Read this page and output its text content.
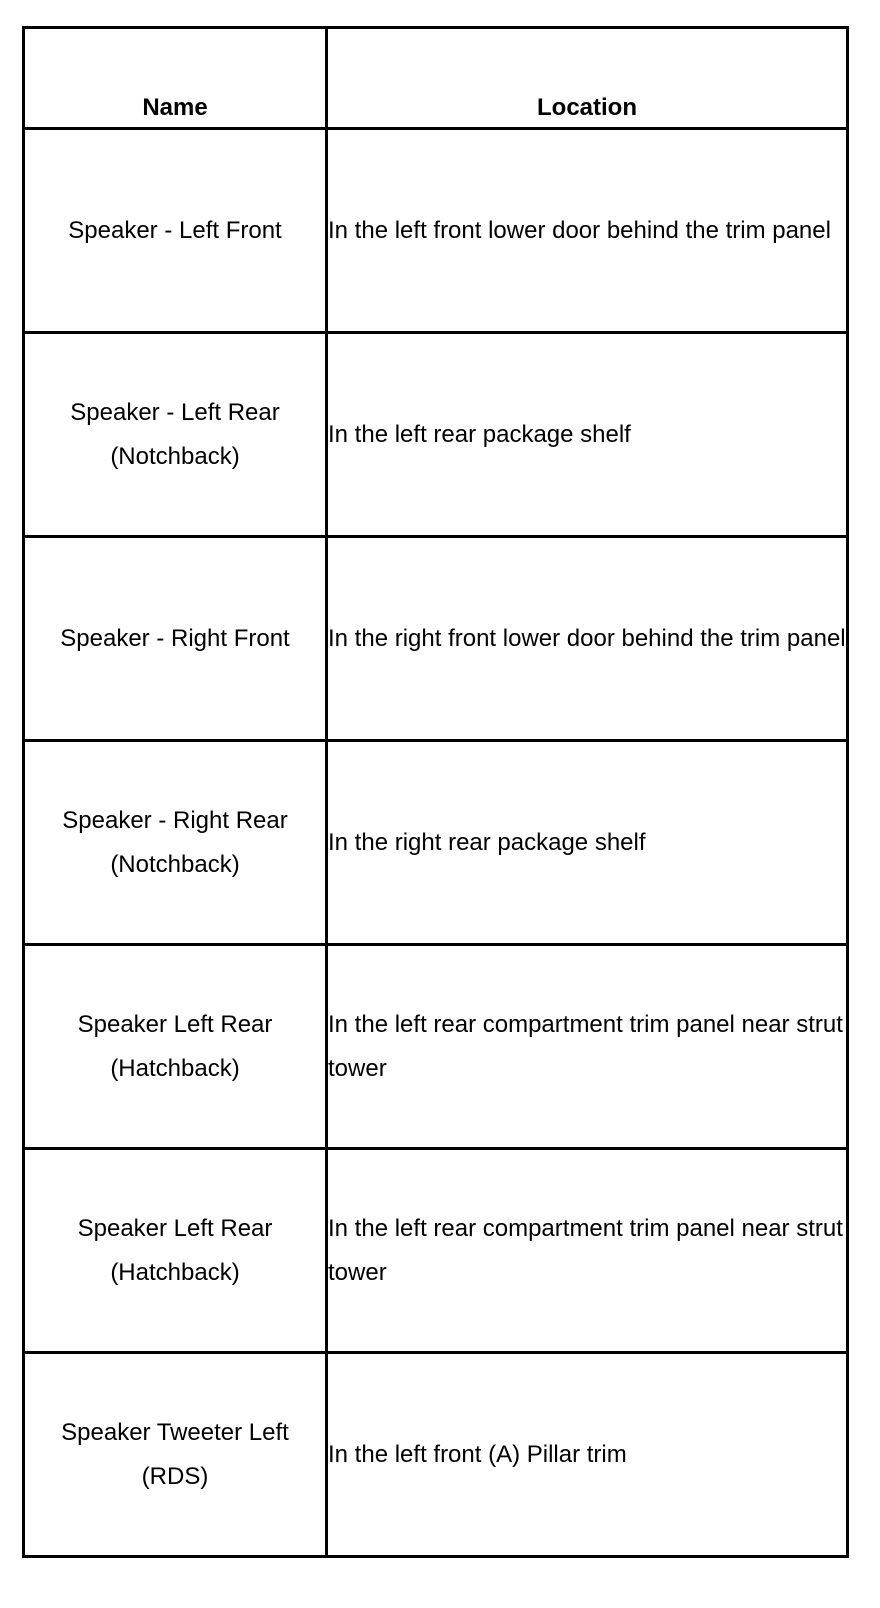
Name	Location
Speaker - Left Front	In the left front lower door behind the trim panel
Speaker - Left Rear (Notchback)	In the left rear package shelf
Speaker - Right Front	In the right front lower door behind the trim panel
Speaker - Right Rear (Notchback)	In the right rear package shelf
Speaker Left Rear (Hatchback)	In the left rear compartment trim panel near strut tower
Speaker Left Rear (Hatchback)	In the left rear compartment trim panel near strut tower
Speaker Tweeter Left (RDS)	In the left front (A) Pillar trim
